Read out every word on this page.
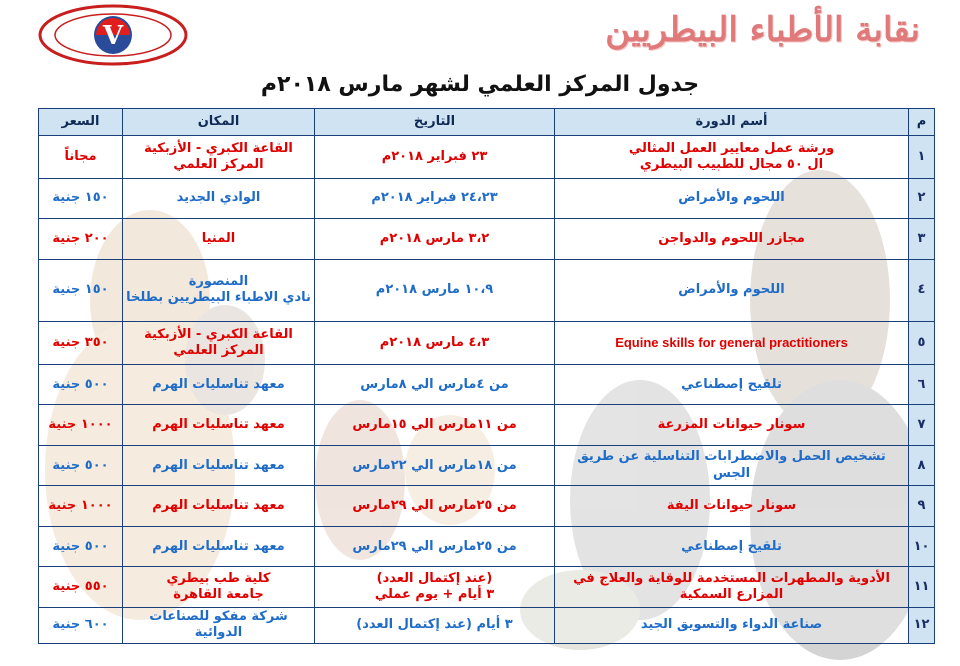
V	نقابة الأطباء البيطريين
جدول المركز العلمي لشهر مارس ٢٠١٨م
م	أسم الدورة	التاريخ	المكان	السعر
١	ورشة عمل معايير العمل المثالي
ال ٥٠ مجال للطبيب البيطري	٢٣ فبراير ٢٠١٨م	القاعة الكبري - الأزبكية
المركز العلمي	مجاناً
٢	اللحوم والأمراض	٢٤،٢٣ فبراير ٢٠١٨م	الوادي الجديد	١٥٠ جنية
٣	مجازر اللحوم والدواجن	٣،٢ مارس ٢٠١٨م	المنيا	٢٠٠ جنية
٤	اللحوم والأمراض	١٠،٩ مارس ٢٠١٨م	المنصورة
نادي الاطباء البيطريين بطلخا	١٥٠ جنية
٥	Equine skills for general practitioners	٤،٣ مارس ٢٠١٨م	القاعة الكبري - الأزبكية
المركز العلمي	٣٥٠ جنية
٦	تلقيح إصطناعي	من ٤مارس الي ٨مارس	معهد تناسليات الهرم	٥٠٠ جنية
٧	سونار حيوانات المزرعة	من ١١مارس الي ١٥مارس	معهد تناسليات الهرم	١٠٠٠ جنية
٨	تشخيص الحمل والاضطرابات التناسلية عن طريق الجس	من ١٨مارس الي ٢٢مارس	معهد تناسليات الهرم	٥٠٠ جنية
٩	سونار حيوانات اليفة	من ٢٥مارس الي ٢٩مارس	معهد تناسليات الهرم	١٠٠٠ جنية
١٠	تلقيح إصطناعي	من ٢٥مارس الي ٢٩مارس	معهد تناسليات الهرم	٥٠٠ جنية
١١	الأدوية والمطهرات المستخدمة للوقاية والعلاج في المزارع السمكية	(عند إكتمال العدد)
٣ أيام + يوم عملي	كلية طب بيطري
جامعة القاهرة	٥٥٠ جنية
١٢	صناعة الدواء والتسويق الجيد	٣ أيام (عند إكتمال العدد)	شركة مفكو للصناعات الدوائية	٦٠٠ جنية
